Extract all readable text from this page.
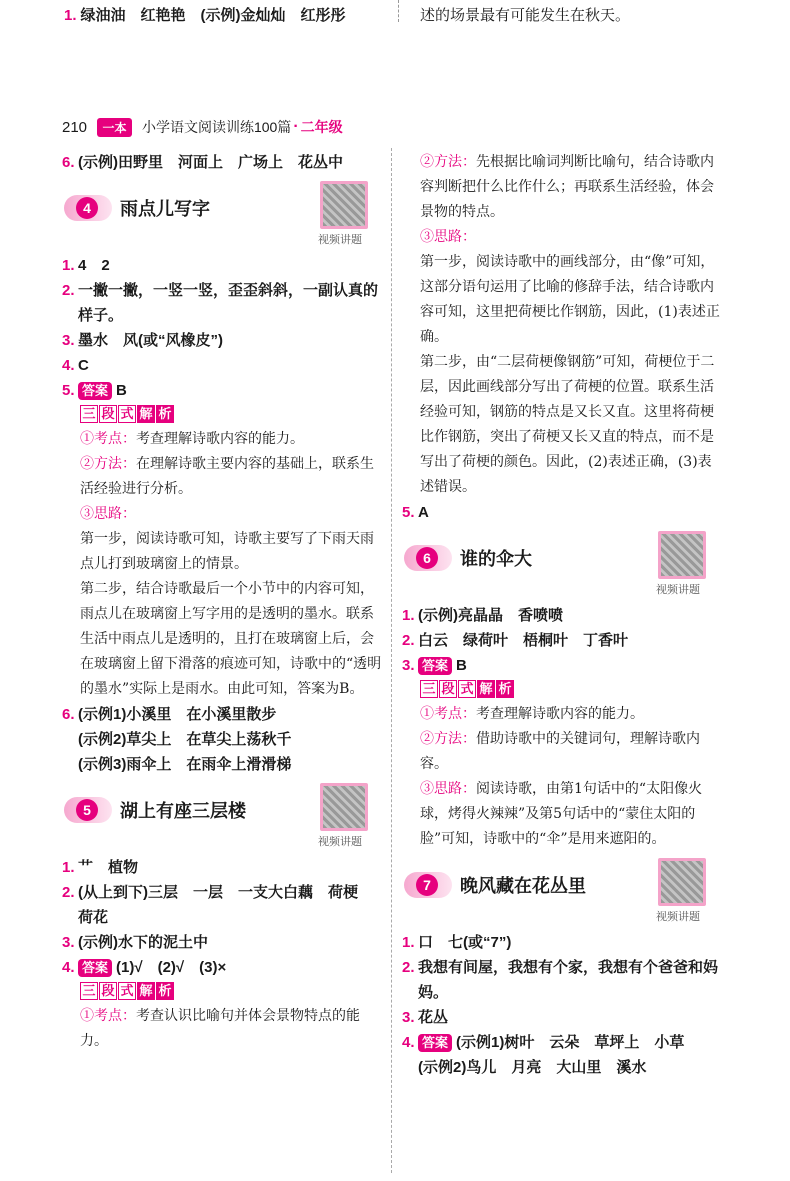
1. 绿油油　红艳艳　(示例)金灿灿　红彤彤	述的场景最有可能发生在秋天。
210 一本 小学语文阅读训练100篇 · 二年级

6. (示例)田野里　河面上　广场上　花丛中

4	雨点儿写字
视频讲题

1. 4　2

2. 一撇一撇，一竖一竖，歪歪斜斜，一副认真的样子。

3. 墨水　风(或“风橡皮”)

4. C

5. 答案 B

三 段 式 解 析

①考点：考查理解诗歌内容的能力。

②方法：在理解诗歌主要内容的基础上，联系生活经验进行分析。

③思路：

第一步，阅读诗歌可知，诗歌主要写了下雨天雨点儿打到玻璃窗上的情景。

第二步，结合诗歌最后一个小节中的内容可知，雨点儿在玻璃窗上写字用的是透明的墨水。联系生活中雨点儿是透明的，且打在玻璃窗上后，会在玻璃窗上留下滑落的痕迹可知，诗歌中的“透明的墨水”实际上是雨水。由此可知，答案为B。

6. (示例1)小溪里　在小溪里散步
(示例2)草尖上　在草尖上荡秋千
(示例3)雨伞上　在雨伞上滑滑梯

5	湖上有座三层楼
视频讲题

1. 艹　植物

2. (从上到下)三层　一层　一支大白藕　荷梗　荷花

3. (示例)水下的泥土中

4. 答案 (1)√　(2)√　(3)×

三 段 式 解 析

①考点：考查认识比喻句并体会景物特点的能力。

②方法：先根据比喻词判断比喻句，结合诗歌内容判断把什么比作什么；再联系生活经验，体会景物的特点。

③思路：

第一步，阅读诗歌中的画线部分，由“像”可知，这部分语句运用了比喻的修辞手法，结合诗歌内容可知，这里把荷梗比作钢筋，因此，(1)表述正确。

第二步，由“二层荷梗像钢筋”可知，荷梗位于二层，因此画线部分写出了荷梗的位置。联系生活经验可知，钢筋的特点是又长又直。这里将荷梗比作钢筋，突出了荷梗又长又直的特点，而不是写出了荷梗的颜色。因此，(2)表述正确，(3)表述错误。

5. A

6	谁的伞大
视频讲题

1. (示例)亮晶晶　香喷喷

2. 白云　绿荷叶　梧桐叶　丁香叶

3. 答案 B

三 段 式 解 析

①考点：考查理解诗歌内容的能力。

②方法：借助诗歌中的关键词句，理解诗歌内容。

③思路：阅读诗歌，由第1句话中的“太阳像火球，烤得火辣辣”及第5句话中的“蒙住太阳的脸”可知，诗歌中的“伞”是用来遮阳的。

7	晚风藏在花丛里
视频讲题

1. 口　七(或“7”)

2. 我想有间屋，我想有个家，我想有个爸爸和妈妈。

3. 花丛

4. 答案 (示例1)树叶　云朵　草坪上　小草
(示例2)鸟儿　月亮　大山里　溪水
